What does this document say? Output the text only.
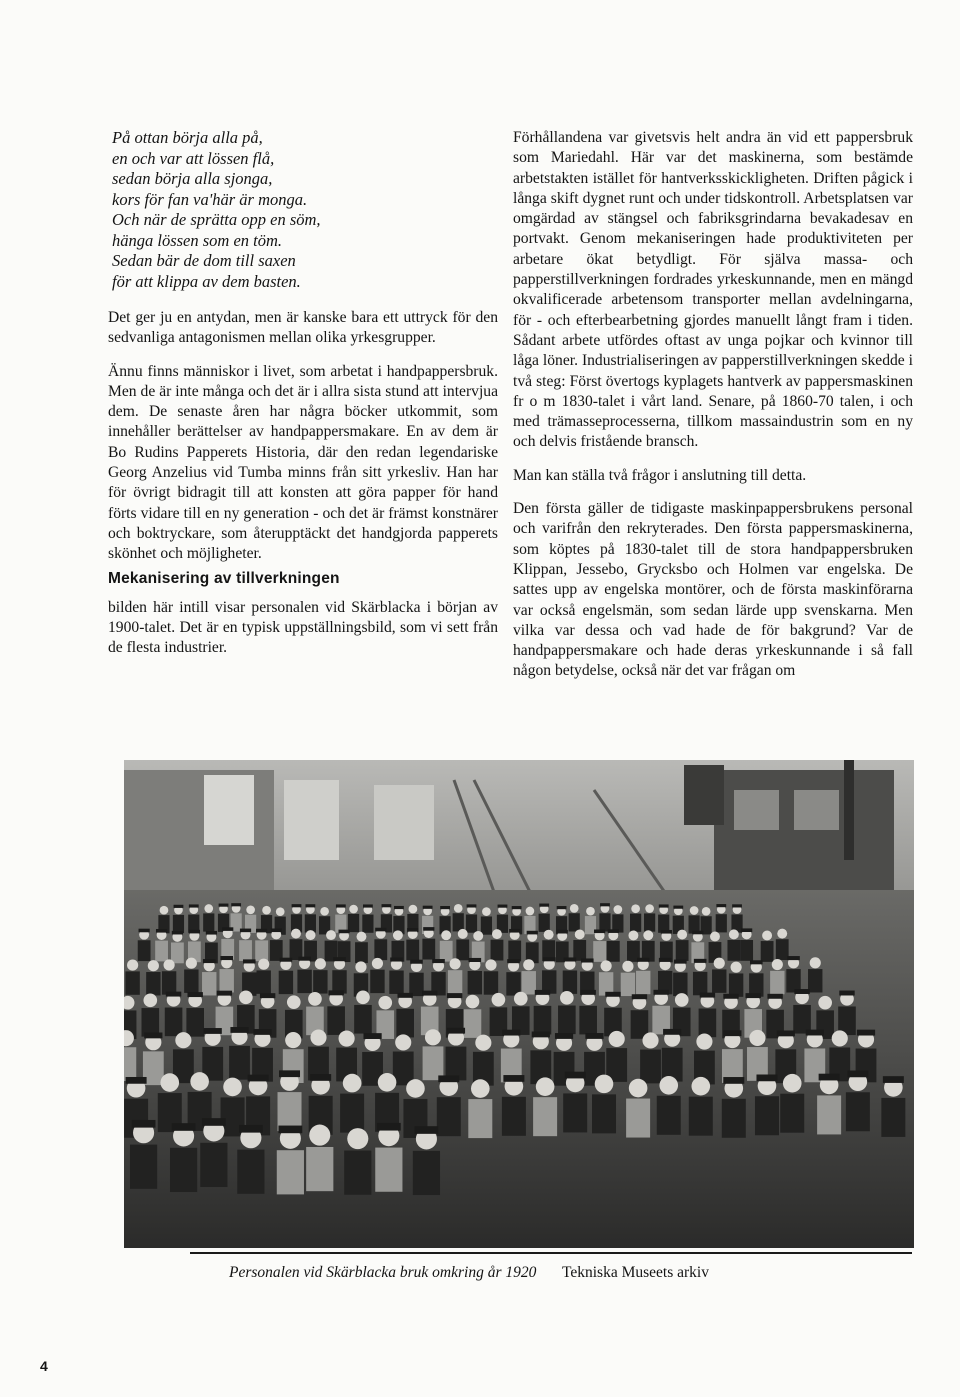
På ottan börja alla på,
en och var att lössen flå,
sedan börja alla sjonga,
kors för fan va'här är monga.
Och när de sprätta opp en söm,
hänga lössen som en töm.
Sedan bär de dom till saxen
för att klippa av dem basten.

Det ger ju en antydan, men är kanske bara ett uttryck för den sedvanliga antagonismen mellan olika yrkesgrupper.

Ännu finns människor i livet, som arbetat i handpappersbruk. Men de är inte många och det är i allra sista stund att intervjua dem. De senaste åren har några böcker utkommit, som innehåller berättelser av handpappersmakare. En av dem är Bo Rudins Papperets Historia, där den redan legendariske Georg Anzelius vid Tumba minns från sitt yrkesliv. Han har för övrigt bidragit till att konsten att göra papper för hand förts vidare till en ny generation - och det är främst konstnärer och boktryckare, som återupptäckt det handgjorda papperets skönhet och möjligheter.

Mekanisering av tillverkningen

bilden här intill visar personalen vid Skärblacka i början av 1900-talet. Det är en typisk uppställningsbild, som vi sett från de flesta industrier.

Förhållandena var givetsvis helt andra än vid ett pappersbruk som Mariedahl. Här var det maskinerna, som bestämde arbetstakten istället för hantverksskickligheten. Driften pågick i långa skift dygnet runt och under tidskontroll. Arbetsplatsen var omgärdad av stängsel och fabriksgrindarna bevakadesav en portvakt. Genom mekaniseringen hade produktiviteten per arbetare ökat betydligt. För själva massa- och papperstillverkningen fordrades yrkeskunnande, men en mängd okvalificerade arbetensom transporter mellan avdelningarna, för - och efterbearbetning gjordes manuellt långt fram i tiden. Sådant arbete utfördes oftast av unga pojkar och kvinnor till låga löner. Industrialiseringen av papperstillverkningen skedde i två steg: Först övertogs kyplagets hantverk av pappersmaskinen fr o m 1830-talet i vårt land. Senare, på 1860-70 talen, i och med trämasseprocesserna, tillkom massaindustrin som en ny och delvis fristående bransch.

Man kan ställa två frågor i anslutning till detta.

Den första gäller de tidigaste maskinpappersbrukens personal och varifrån den rekryterades. Den första pappersmaskinerna, som köptes på 1830-talet till de stora handpappersbruken Klippan, Jessebo, Grycksbo och Holmen var engelska. De sattes upp av engelska montörer, och de första maskinförarna var också engelsmän, som sedan lärde upp svenskarna. Men vilka var dessa och vad hade de för bakgrund? Var de handpappersmakare och hade deras yrkeskunnande i så fall någon betydelse, också när det var frågan om

Personalen vid Skärblacka bruk omkring år 1920 Tekniska Museets arkiv
4
